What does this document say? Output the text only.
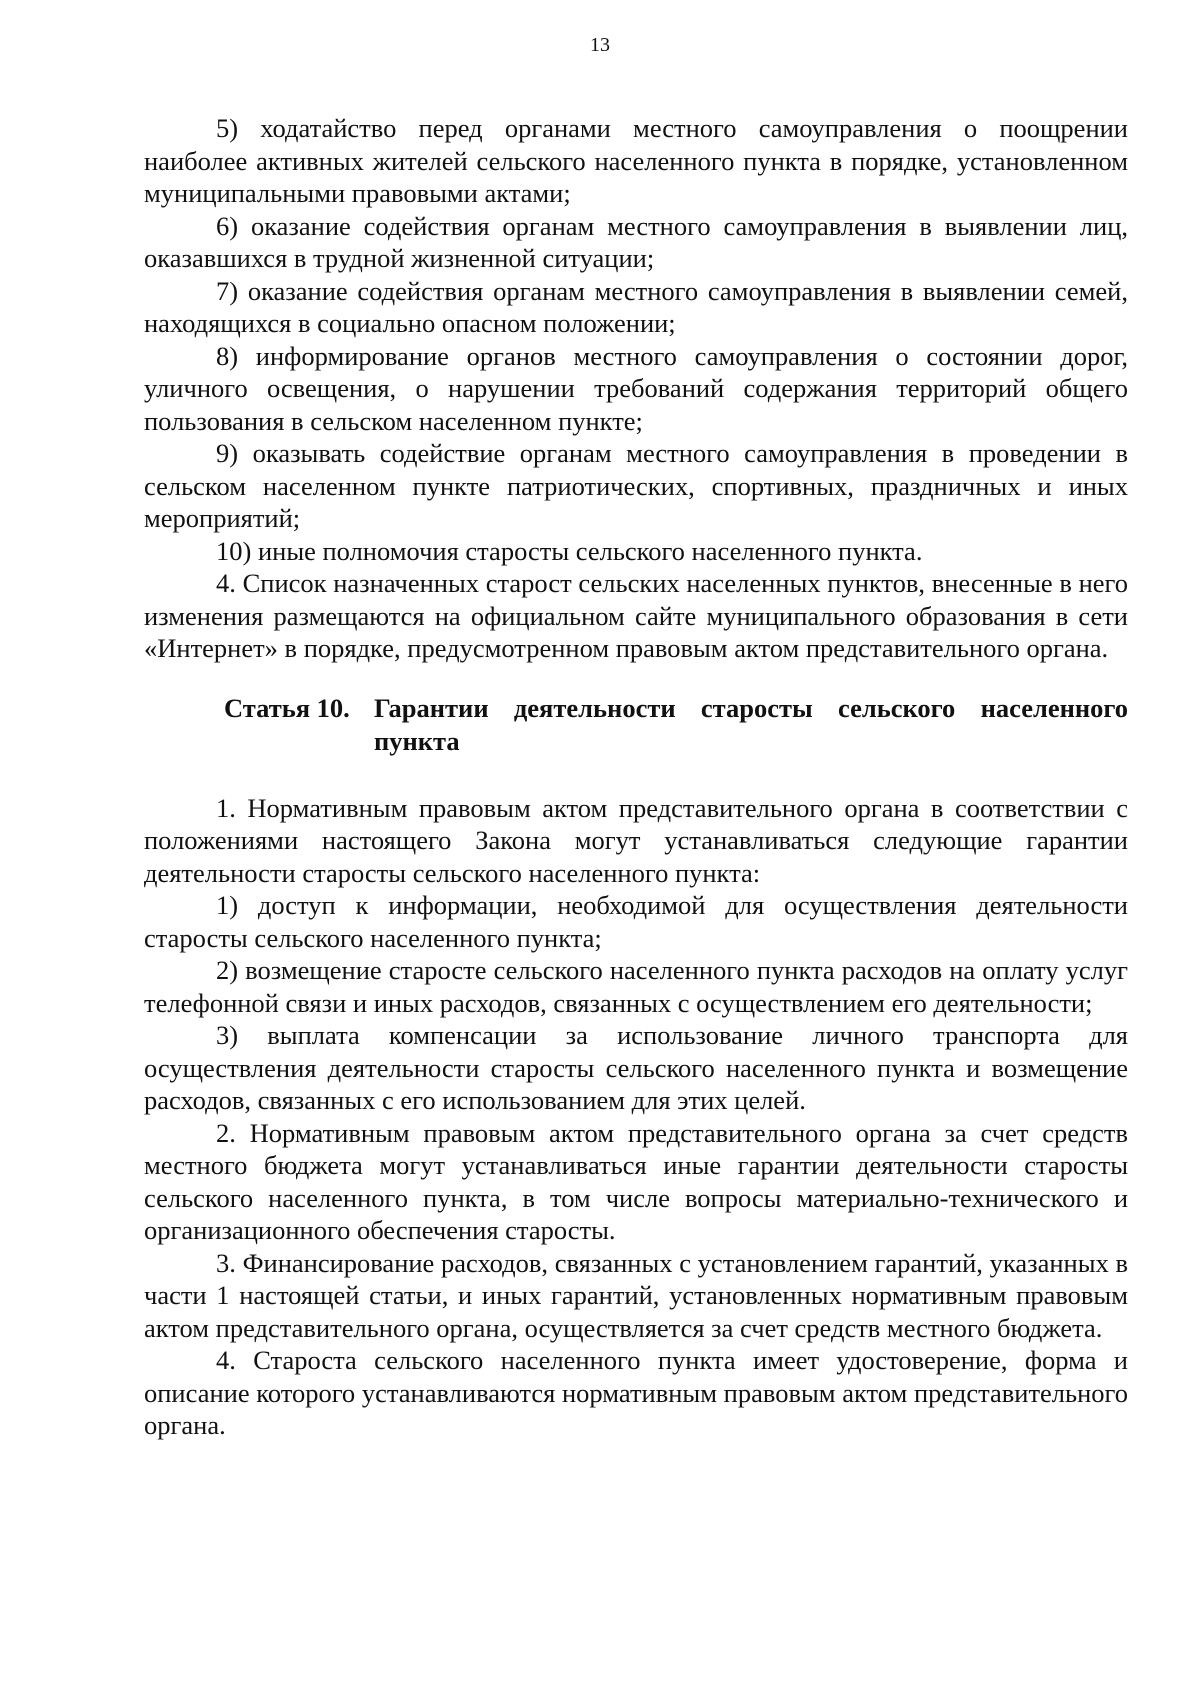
13

5) ходатайство перед органами местного самоуправления о поощрении наиболее активных жителей сельского населенного пункта в порядке, установленном муниципальными правовыми актами;

6) оказание содействия органам местного самоуправления в выявлении лиц, оказавшихся в трудной жизненной ситуации;

7) оказание содействия органам местного самоуправления в выявлении семей, находящихся в социально опасном положении;

8) информирование органов местного самоуправления о состоянии дорог, уличного освещения, о нарушении требований содержания территорий общего пользования в сельском населенном пункте;

9) оказывать содействие органам местного самоуправления в проведении в сельском населенном пункте патриотических, спортивных, праздничных и иных мероприятий;

10) иные полномочия старосты сельского населенного пункта.

4. Список назначенных старост сельских населенных пунктов, внесенные в него изменения размещаются на официальном сайте муниципального образования в сети «Интернет» в порядке, предусмотренном правовым актом представительного органа.

Статья 10. Гарантии деятельности старосты сельского населенного пункта

1. Нормативным правовым актом представительного органа в соответствии с положениями настоящего Закона могут устанавливаться следующие гарантии деятельности старосты сельского населенного пункта:

1) доступ к информации, необходимой для осуществления деятельности старосты сельского населенного пункта;

2) возмещение старосте сельского населенного пункта расходов на оплату услуг телефонной связи и иных расходов, связанных с осуществлением его деятельности;

3) выплата компенсации за использование личного транспорта для осуществления деятельности старосты сельского населенного пункта и возмещение расходов, связанных с его использованием для этих целей.

2. Нормативным правовым актом представительного органа за счет средств местного бюджета могут устанавливаться иные гарантии деятельности старосты сельского населенного пункта, в том числе вопросы материально-технического и организационного обеспечения старосты.

3. Финансирование расходов, связанных с установлением гарантий, указанных в части 1 настоящей статьи, и иных гарантий, установленных нормативным правовым актом представительного органа, осуществляется за счет средств местного бюджета.

4. Староста сельского населенного пункта имеет удостоверение, форма и описание которого устанавливаются нормативным правовым актом представительного органа.
